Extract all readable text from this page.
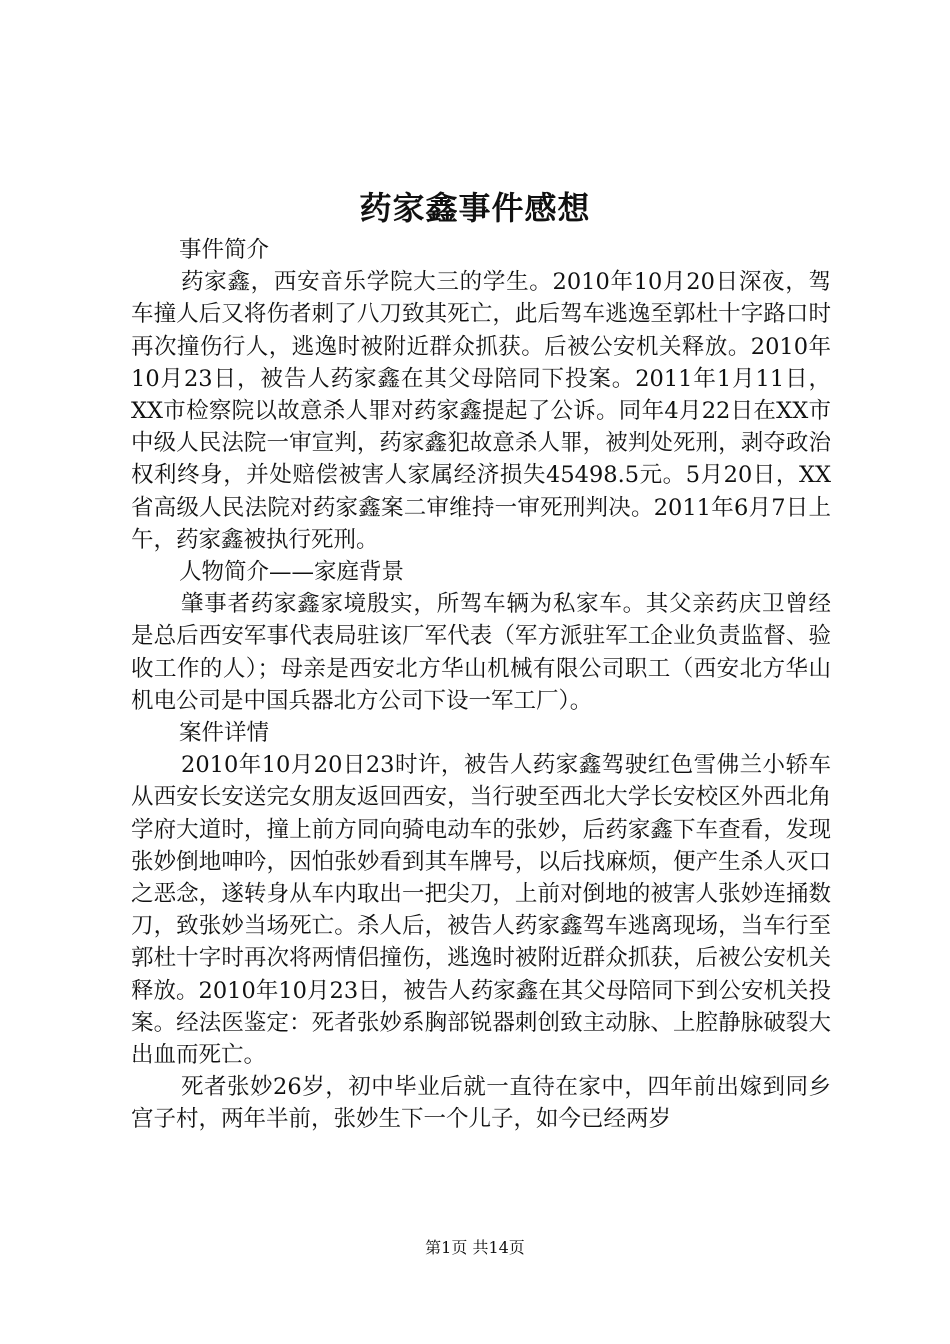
药家鑫事件感想

事件简介

药家鑫，西安音乐学院大三的学生。2010年10月20日深夜，驾车撞人后又将伤者刺了八刀致其死亡，此后驾车逃逸至郭杜十字路口时再次撞伤行人，逃逸时被附近群众抓获。后被公安机关释放。2010年10月23日，被告人药家鑫在其父母陪同下投案。2011年1月11日，XX市检察院以故意杀人罪对药家鑫提起了公诉。同年4月22日在XX市中级人民法院一审宣判，药家鑫犯故意杀人罪，被判处死刑，剥夺政治权利终身，并处赔偿被害人家属经济损失45498.5元。5月20日，XX省高级人民法院对药家鑫案二审维持一审死刑判决。2011年6月7日上午，药家鑫被执行死刑。

人物简介——家庭背景

肇事者药家鑫家境殷实，所驾车辆为私家车。其父亲药庆卫曾经是总后西安军事代表局驻该厂军代表（军方派驻军工企业负责监督、验收工作的人）；母亲是西安北方华山机械有限公司职工（西安北方华山机电公司是中国兵器北方公司下设一军工厂）。

案件详情

2010年10月20日23时许，被告人药家鑫驾驶红色雪佛兰小轿车从西安长安送完女朋友返回西安，当行驶至西北大学长安校区外西北角学府大道时，撞上前方同向骑电动车的张妙，后药家鑫下车查看，发现张妙倒地呻吟，因怕张妙看到其车牌号，以后找麻烦，便产生杀人灭口之恶念，遂转身从车内取出一把尖刀，上前对倒地的被害人张妙连捅数刀，致张妙当场死亡。杀人后，被告人药家鑫驾车逃离现场，当车行至郭杜十字时再次将两情侣撞伤，逃逸时被附近群众抓获，后被公安机关释放。2010年10月23日，被告人药家鑫在其父母陪同下到公安机关投案。经法医鉴定：死者张妙系胸部锐器刺创致主动脉、上腔静脉破裂大出血而死亡。

死者张妙26岁，初中毕业后就一直待在家中，四年前出嫁到同乡宫子村，两年半前，张妙生下一个儿子，如今已经两岁

第1页 共14页
